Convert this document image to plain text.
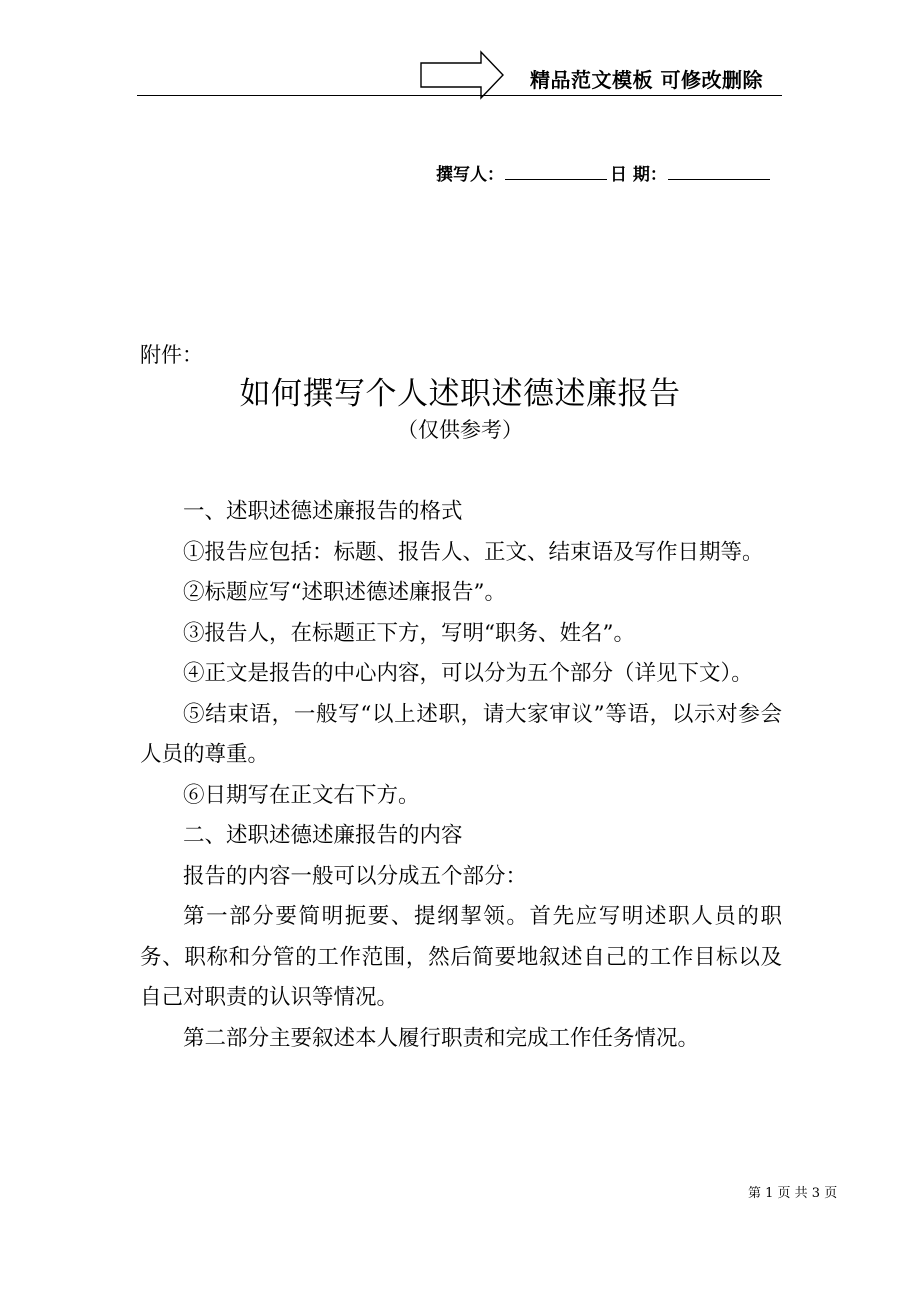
精品范文模板 可修改删除
撰写人：	日 期：
附件：
如何撰写个人述职述德述廉报告
（仅供参考）

一、述职述德述廉报告的格式

①报告应包括：标题、报告人、正文、结束语及写作日期等。

②标题应写“述职述德述廉报告”。

③报告人，在标题正下方，写明“职务、姓名”。

④正文是报告的中心内容，可以分为五个部分（详见下文）。

⑤结束语，一般写“以上述职，请大家审议”等语，以示对参会人员的尊重。

⑥日期写在正文右下方。

二、述职述德述廉报告的内容

报告的内容一般可以分成五个部分：

第一部分要简明扼要、提纲挈领。首先应写明述职人员的职务、职称和分管的工作范围，然后简要地叙述自己的工作目标以及自己对职责的认识等情况。

第二部分主要叙述本人履行职责和完成工作任务情况。

第 1 页 共 3 页
